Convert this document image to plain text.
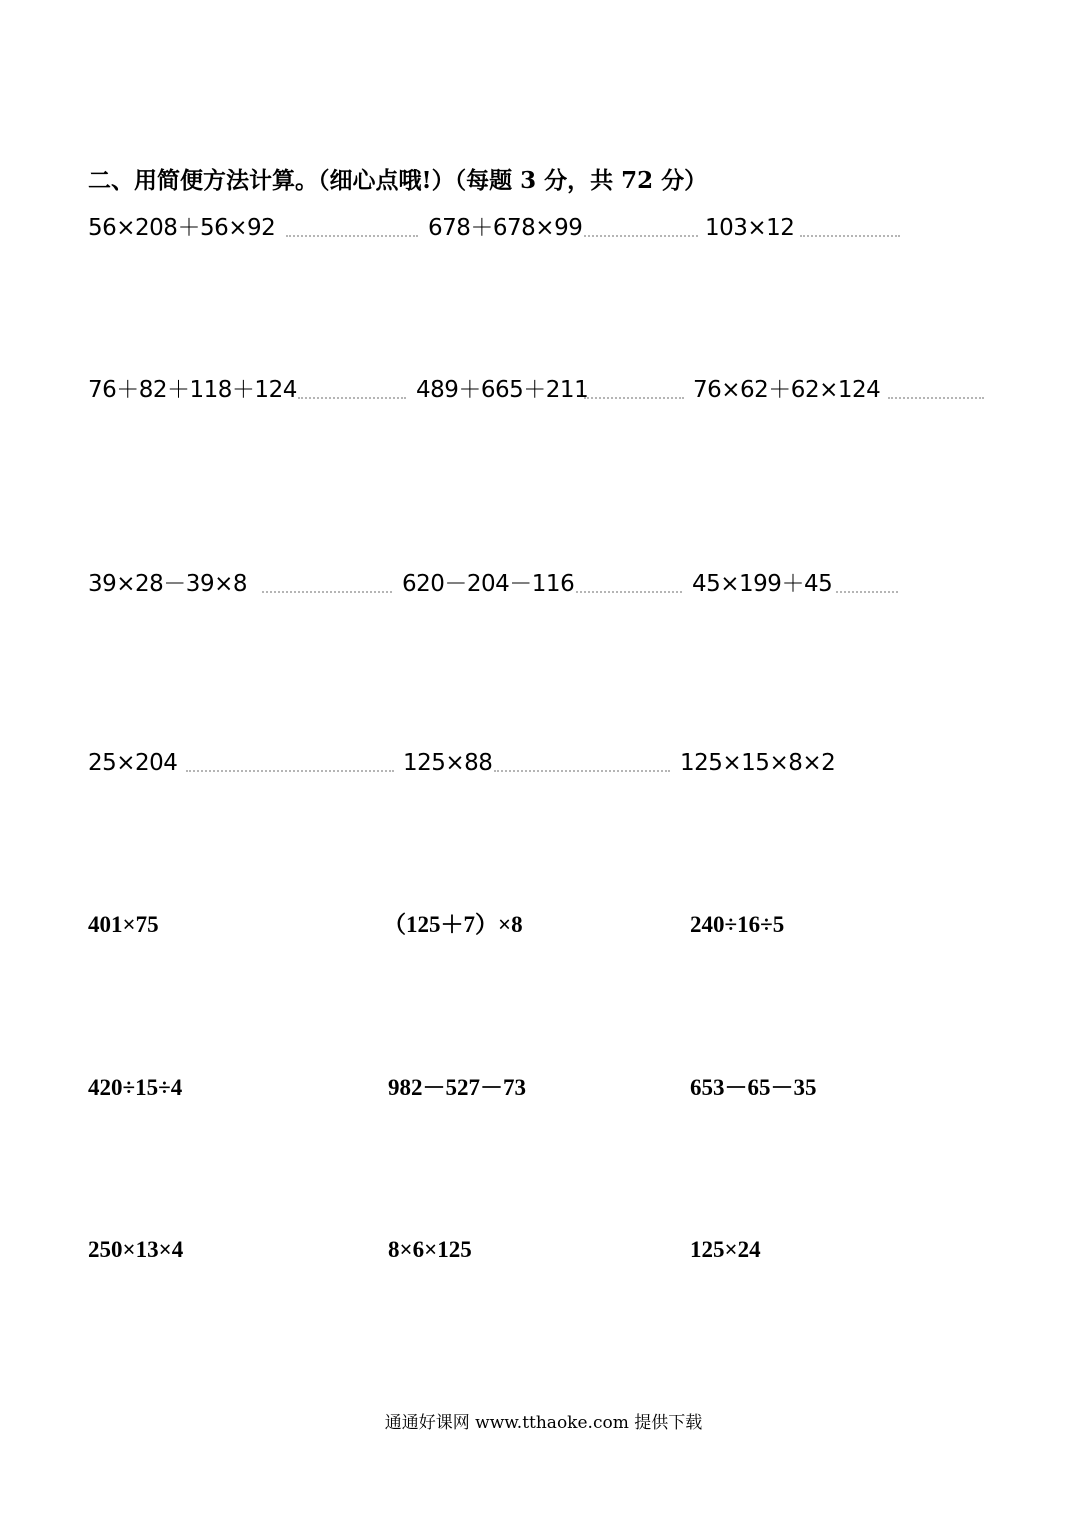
二、用简便方法计算。（细心点哦!）（每题 3 分，共 72 分）
56×208＋56×92	678＋678×99	103×12
76＋82＋118＋124	489＋665＋211	76×62＋62×124
39×28－39×8	620－204－116	45×199＋45
25×204	125×88	125×15×8×2
401×75	（125＋7）×8	240÷16÷5
420÷15÷4	982－527－73	653－65－35
250×13×4	8×6×125	125×24
通通好课网 www.tthaoke.com 提供下载
